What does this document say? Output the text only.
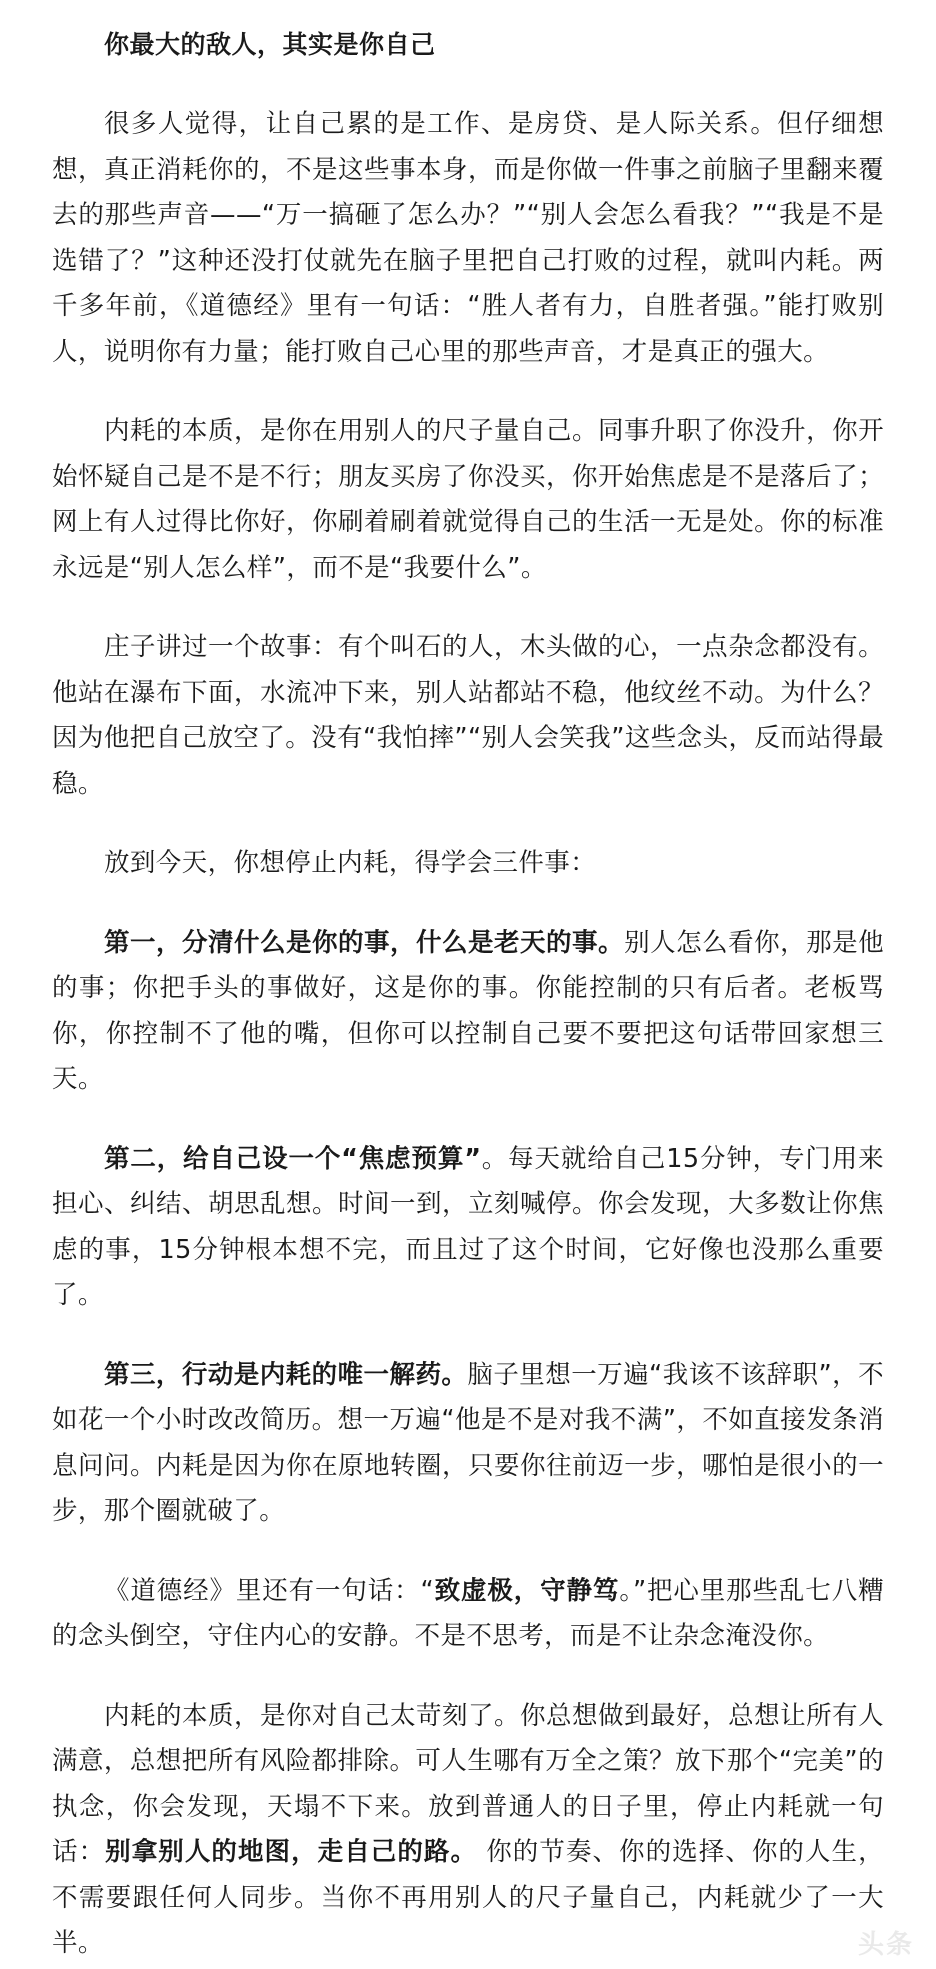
你最大的敌人，其实是你自己

很多人觉得，让自己累的是工作、是房贷、是人际关系。但仔细想想，真正消耗你的，不是这些事本身，而是你做一件事之前脑子里翻来覆去的那些声音——“万一搞砸了怎么办？”“别人会怎么看我？”“我是不是选错了？”这种还没打仗就先在脑子里把自己打败的过程，就叫内耗。两千多年前，《道德经》里有一句话：“胜人者有力，自胜者强。”能打败别人，说明你有力量；能打败自己心里的那些声音，才是真正的强大。

内耗的本质，是你在用别人的尺子量自己。同事升职了你没升，你开始怀疑自己是不是不行；朋友买房了你没买，你开始焦虑是不是落后了；网上有人过得比你好，你刷着刷着就觉得自己的生活一无是处。你的标准永远是“别人怎么样”，而不是“我要什么”。

庄子讲过一个故事：有个叫石的人，木头做的心，一点杂念都没有。他站在瀑布下面，水流冲下来，别人站都站不稳，他纹丝不动。为什么？因为他把自己放空了。没有“我怕摔”“别人会笑我”这些念头，反而站得最稳。

放到今天，你想停止内耗，得学会三件事：

第一，分清什么是你的事，什么是老天的事。别人怎么看你，那是他的事；你把手头的事做好，这是你的事。你能控制的只有后者。老板骂你，你控制不了他的嘴，但你可以控制自己要不要把这句话带回家想三天。

第二，给自己设一个“焦虑预算”。每天就给自己15分钟，专门用来担心、纠结、胡思乱想。时间一到，立刻喊停。你会发现，大多数让你焦虑的事，15分钟根本想不完，而且过了这个时间，它好像也没那么重要了。

第三，行动是内耗的唯一解药。脑子里想一万遍“我该不该辞职”，不如花一个小时改改简历。想一万遍“他是不是对我不满”，不如直接发条消息问问。内耗是因为你在原地转圈，只要你往前迈一步，哪怕是很小的一步，那个圈就破了。

《道德经》里还有一句话：“致虚极，守静笃。”把心里那些乱七八糟的念头倒空，守住内心的安静。不是不思考，而是不让杂念淹没你。

内耗的本质，是你对自己太苛刻了。你总想做到最好，总想让所有人满意，总想把所有风险都排除。可人生哪有万全之策？放下那个“完美”的执念，你会发现，天塌不下来。放到普通人的日子里，停止内耗就一句话：别拿别人的地图，走自己的路。 你的节奏、你的选择、你的人生，不需要跟任何人同步。当你不再用别人的尺子量自己，内耗就少了一大半。	头条
